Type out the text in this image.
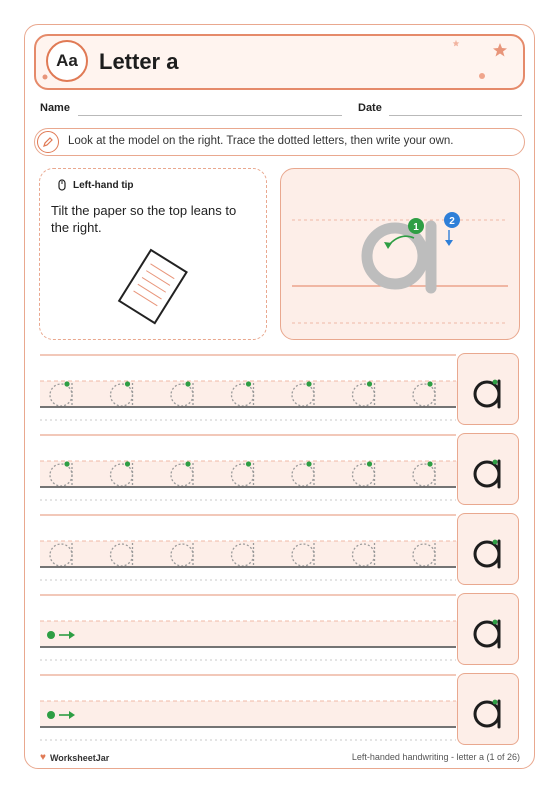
Aa Letter a
Name	Date
Look at the model on the right. Trace the dotted letters, then write your own.
Left-hand tip
Tilt the paper so the top leans to the right.	1
2
♥ WorksheetJar	Left-handed handwriting - letter a (1 of 26)
